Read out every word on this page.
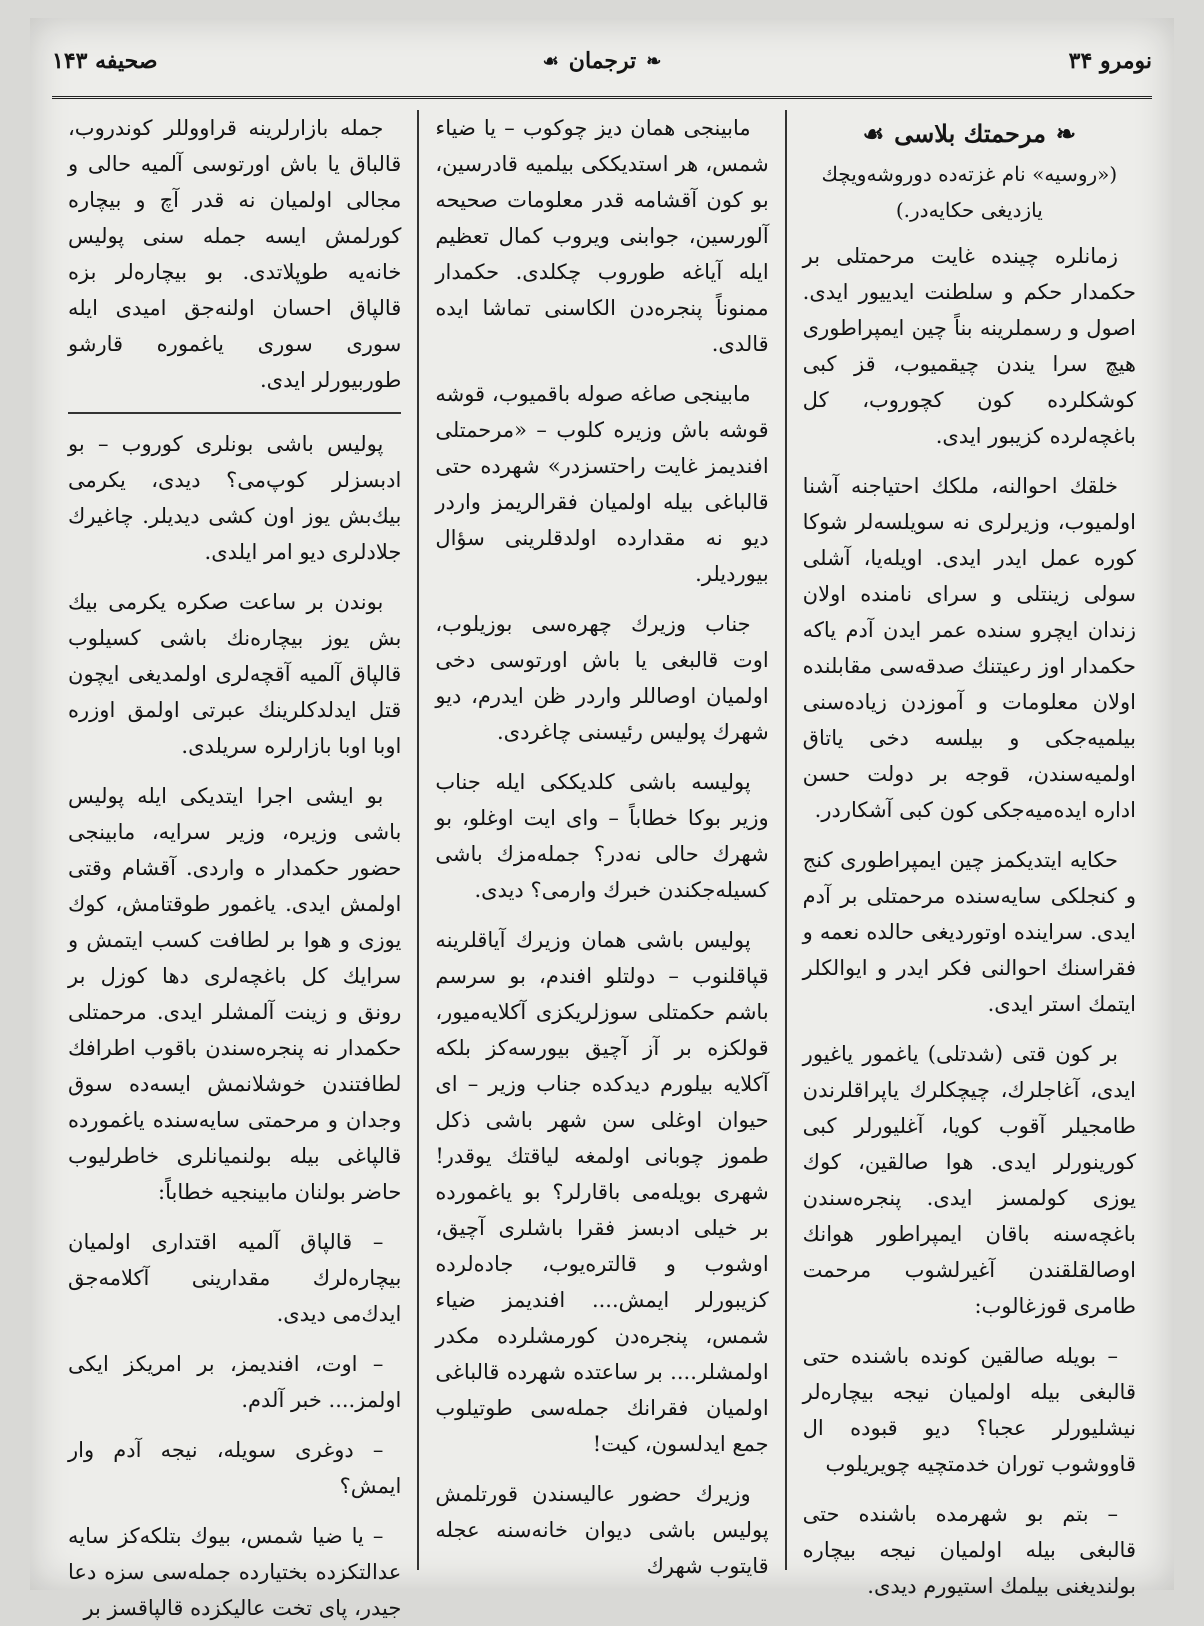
نومرو ۳۴
❧
ترجمان
☙
صحیفه ۱۴۳
❧
مرحمتك بلاسی
☙
(«روسیه» نام غزته‌ده دوروشه‌ویچك یازدیغی حکایه‌در.)

زمانلره چینده غایت مرحمتلی بر حکمدار حکم و سلطنت ایدییور ایدی. اصول و رسملرینه بناً چین ایمپراطوری هیچ سرا یندن چیقمیوب، قز کبی کوشکلرده کون کچوروب، کل باغچه‌لرده کزیبور ایدی.

خلقك احوالنه، ملکك احتیاجنه آشنا اولمیوب، وزیرلری نه سویلسه‌لر شوکا کوره عمل ایدر ایدی. اویله‌یا، آشلی سولی زینتلی و سرای نامنده اولان زندان ایچرو سنده عمر ایدن آدم یاکه حکمدار اوز رعیتنك صدقه‌سی مقابلنده اولان معلومات و آموزدن زیاده‌سنی بیلمیه‌جکی و بیلسه دخی یاتاق اولمیه‌سندن، قوجه بر دولت حسن اداره ایده‌میه‌جکی کون کبی آشکاردر.

حکایه ایتدیکمز چین ایمپراطوری کنج و کنجلکی سایه‌سنده مرحمتلی بر آدم ایدی. سراینده اوتوردیغی حالده نعمه و فقراسنك احوالنی فکر ایدر و ایوالکلر ایتمك استر ایدی.

بر کون قتی (شدتلی) یاغمور یاغیور ایدی، آغاجلرك، چیچکلرك یاپراقلرندن طامجیلر آقوب کویا، آغلیورلر کبی کورینورلر ایدی. هوا صالقین، کوك یوزی کولمسز ایدی. پنجره‌سندن باغچه‌سنه باقان ایمپراطور هوانك اوصالقلقندن آغیرلشوب مرحمت طامری قوزغالوب:

– بویله صالقین کونده باشنده حتی قالبغی بیله اولمیان نیجه بیچاره‌لر نیشلیورلر عجبا؟ دیو قبوده ال قاووشوب توران خدمتچیه چویریلوب

– بتم بو شهرمده باشنده حتی قالبغی بیله اولمیان نیجه بیچاره بولندیغنی بیلمك استیورم دیدی.

مابینجی همان دیز چوکوب – یا ضیاء شمس، هر استدیککی بیلمیه قادرسین، بو کون آقشامه قدر معلومات صحیحه آلورسین، جوابنی ویروب کمال تعظیم ایله آیاغه طوروب چکلدی. حکمدار ممنوناً پنجره‌دن الکاسنی تماشا ایده قالدی.

مابینجی صاغه صوله باقمیوب، قوشه قوشه باش وزیره کلوب – «مرحمتلی افندیمز غایت راحتسزدر» شهرده حتی قالباغی بیله اولمیان فقرالریمز واردر دیو نه مقدارده اولدقلرینی سؤال بیوردیلر.

جناب وزیرك چهره‌سی بوزیلوب، اوت قالبغی یا باش اورتوسی دخی اولمیان اوصاللر واردر ظن ایدرم، دیو شهرك پولیس رئیسنی چاغردی.

پولیسه باشی کلدیککی ایله جناب وزیر بوکا خطاباً – وای ایت اوغلو، بو شهرك حالی نه‌در؟ جمله‌مزك باشی کسیله‌جکندن خبرك وارمی؟ دیدی.

پولیس باشی همان وزیرك آیاقلرینه قپاقلنوب – دولتلو افندم، بو سرسم باشم حکمتلی سوزلریکزی آکلایه‌میور، قولکزه بر آز آچیق بیورسه‌کز بلکه آکلایه بیلورم دیدکده جناب وزیر – ای حیوان اوغلی سن شهر باشی ذکل طموز چوبانی اولمغه لیاقتك یوقدر! شهری بویله‌می باقارلر؟ بو یاغمورده بر خیلی ادبسز فقرا باشلری آچیق، اوشوب و قالتره‌یوب، جاده‌لرده کزیبورلر ایمش.... افندیمز ضیاء شمس، پنجره‌دن کورمشلرده مکدر اولمشلر.... بر ساعتده شهرده قالباغی اولمیان فقرانك جمله‌سی طوتیلوب جمع ایدلسون، کیت!

وزیرك حضور عالیسندن قورتلمش پولیس باشی دیوان خانه‌سنه عجله قایتوب شهرك

جمله بازارلرینه قراووللر کوندروب، قالباق یا باش اورتوسی آلمیه حالی و مجالی اولمیان نه قدر آچ و بیچاره کورلمش ایسه جمله سنی پولیس خانه‌یه طوپلاتدی. بو بیچاره‌لر بزه قالپاق احسان اولنه‌جق امیدی ایله سوری سوری یاغموره قارشو طوربیورلر ایدی.

پولیس باشی بونلری کوروب – بو ادبسزلر کوپ‌می؟ دیدی، یکرمی بیك‌بش یوز اون کشی دیدیلر. چاغیرك جلادلری دیو امر ایلدی.

بوندن بر ساعت صکره یکرمی بیك بش یوز بیچاره‌نك باشی کسیلوب قالپاق آلمیه آقچه‌لری اولمدیغی ایچون قتل ایدلدکلرینك عبرتی اولمق اوزره اوبا اوبا بازارلره سریلدی.

بو ایشی اجرا ایتدیکی ایله پولیس باشی وزیره، وزیر سرایه، مابینجی حضور حکمدار ه واردی. آقشام وقتی اولمش ایدی. یاغمور طوقتامش، کوك یوزی و هوا بر لطافت کسب ایتمش و سرایك کل باغچه‌لری دها کوزل بر رونق و زینت آلمشلر ایدی. مرحمتلی حکمدار نه پنجره‌سندن باقوب اطرافك لطافتندن خوشلانمش ایسه‌ده سوق وجدان و مرحمتی سایه‌سنده یاغمورده قالپاغی بیله بولنمیانلری خاطرلیوب حاضر بولنان مابینجیه خطاباً:

– قالپاق آلمیه اقتداری اولمیان بیچاره‌لرك مقدارینی آکلامه‌جق ایدك‌می دیدی.

– اوت، افندیمز، بر امریکز ایکی اولمز.... خبر آلدم.

– دوغری سویله، نیجه آدم وار ایمش؟

– یا ضیا شمس، بیوك بتلکه‌کز سایه عدالتکزده بختیارده جمله‌سی سزه دعا جیدر، پای تخت عالیکزده قالپاقسز بر
